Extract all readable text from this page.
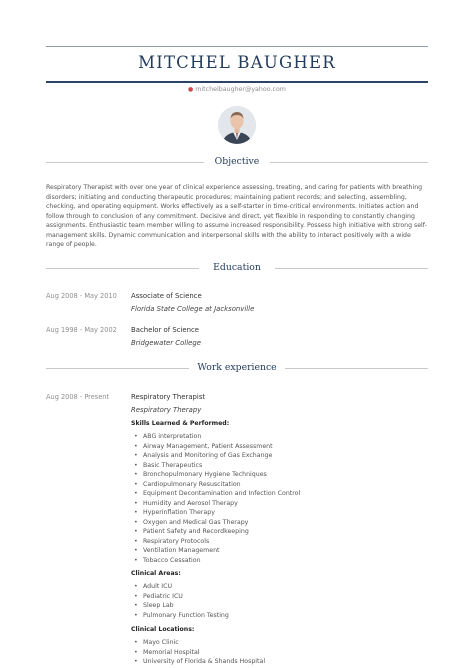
MITCHEL BAUGHER
● mitchelbaugher@yahoo.com
Objective

Respiratory Therapist with over one year of clinical experience assessing, treating, and caring for patients with breathing disorders; initiating and conducting therapeutic procedures; maintaining patient records; and selecting, assembling, checking, and operating equipment. Works effectively as a self-starter in time-critical environments. Initiates action and follow through to conclusion of any commitment. Decisive and direct, yet flexible in responding to constantly changing assignments. Enthusiastic team member willing to assume increased responsibility. Possess high initiative with strong self-management skills. Dynamic communication and interpersonal skills with the ability to interact positively with a wide range of people.

Education
Aug 2008 - May 2010 Associate of Science
Florida State College at Jacksonville
Aug 1998 - May 2002 Bachelor of Science
Bridgewater College
Work experience
Aug 2008 - Present	Respiratory Therapist
Respiratory Therapy
Skills Learned & Performed:
• ABG interpretation
• Airway Management, Patient Assessment
• Analysis and Monitoring of Gas Exchange
• Basic Therapeutics
• Bronchopulmonary Hygiene Techniques
• Cardiopulmonary Resuscitation
• Equipment Decontamination and Infection Control
• Humidity and Aerosol Therapy
• Hyperinflation Therapy
• Oxygen and Medical Gas Therapy
• Patient Safety and Recordkeeping
• Respiratory Protocols
• Ventilation Management
• Tobacco Cessation
Clinical Areas:
• Adult ICU
• Pediatric ICU
• Sleep Lab
• Pulmonary Function Testing
Clinical Locations:
• Mayo Clinic
• Memorial Hospital
• University of Florida & Shands Hospital
